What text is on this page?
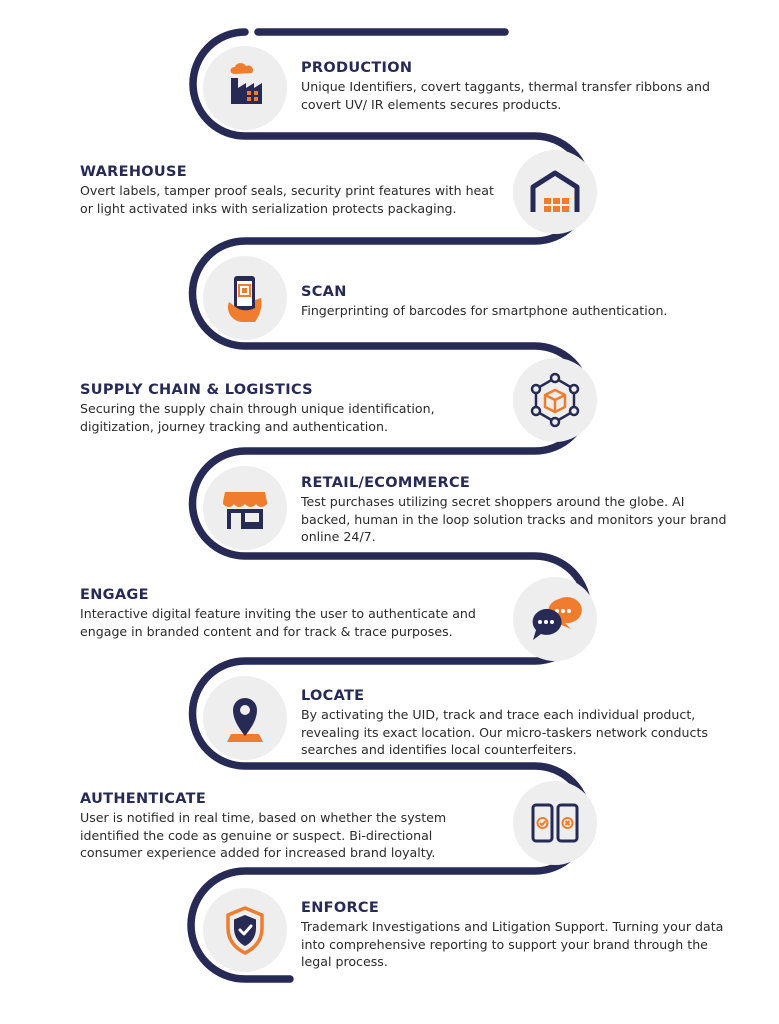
PRODUCTION

Unique Identifiers, covert taggants, thermal transfer ribbons and covert UV/ IR elements secures products.

WAREHOUSE

Overt labels, tamper proof seals, security print features with heat or light activated inks with serialization protects packaging.

SCAN

Fingerprinting of barcodes for smartphone authentication.

SUPPLY CHAIN & LOGISTICS

Securing the supply chain through unique identification, digitization, journey tracking and authentication.

RETAIL/ECOMMERCE

Test purchases utilizing secret shoppers around the globe. AI backed, human in the loop solution tracks and monitors your brand online 24/7.

ENGAGE

Interactive digital feature inviting the user to authenticate and engage in branded content and for track & trace purposes.

LOCATE

By activating the UID, track and trace each individual product, revealing its exact location. Our micro-taskers network conducts searches and identifies local counterfeiters.

AUTHENTICATE

User is notified in real time, based on whether the system identified the code as genuine or suspect. Bi-directional consumer experience added for increased brand loyalty.

ENFORCE

Trademark Investigations and Litigation Support. Turning your data into comprehensive reporting to support your brand through the legal process.
